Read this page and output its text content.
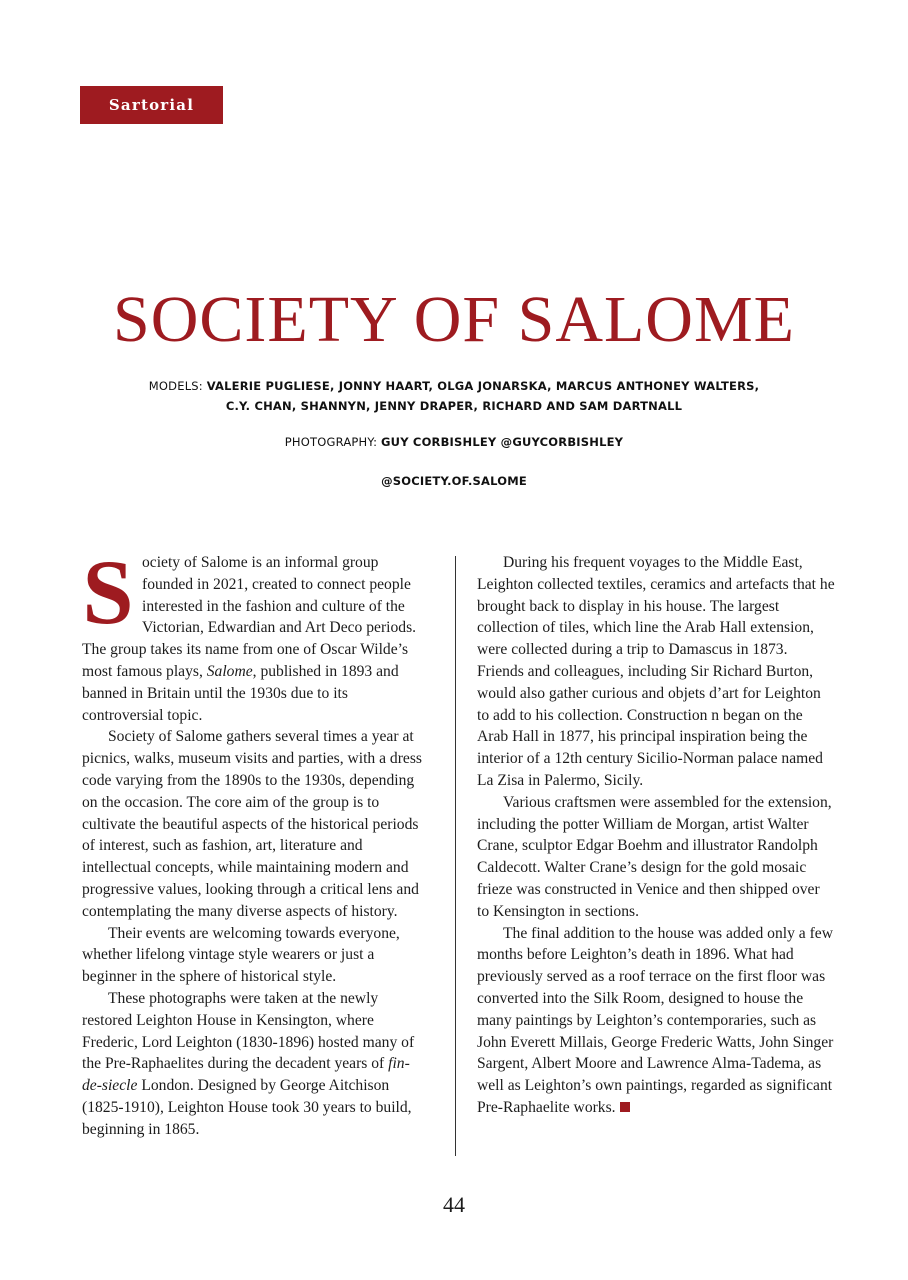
Sartorial
SOCIETY OF SALOME
MODELS: VALERIE PUGLIESE, JONNY HAART, OLGA JONARSKA, MARCUS ANTHONEY WALTERS,
C.Y. CHAN, SHANNYN, JENNY DRAPER, RICHARD AND SAM DARTNALL
PHOTOGRAPHY: GUY CORBISHLEY @GUYCORBISHLEY
@SOCIETY.OF.SALOME

Society of Salome is an informal group founded in 2021, created to connect people interested in the fashion and culture of the Victorian, Edwardian and Art Deco periods. The group takes its name from one of Oscar Wilde’s most famous plays, Salome, published in 1893 and banned in Britain until the 1930s due to its controversial topic.

Society of Salome gathers several times a year at picnics, walks, museum visits and parties, with a dress code varying from the 1890s to the 1930s, depending on the occasion. The core aim of the group is to cultivate the beautiful aspects of the historical periods of interest, such as fashion, art, literature and intellectual concepts, while maintaining modern and progressive values, looking through a critical lens and contemplating the many diverse aspects of history.

Their events are welcoming towards everyone, whether lifelong vintage style wearers or just a beginner in the sphere of historical style.

These photographs were taken at the newly restored Leighton House in Kensington, where Frederic, Lord Leighton (1830-1896) hosted many of the Pre-Raphaelites during the decadent years of fin-de-siecle London. Designed by George Aitchison (1825-1910), Leighton House took 30 years to build, beginning in 1865.

During his frequent voyages to the Middle East, Leighton collected textiles, ceramics and artefacts that he brought back to display in his house. The largest collection of tiles, which line the Arab Hall extension, were collected during a trip to Damascus in 1873. Friends and colleagues, including Sir Richard Burton, would also gather curious and objets d’art for Leighton to add to his collection. Construction n began on the Arab Hall in 1877, his principal inspiration being the interior of a 12th century Sicilio-Norman palace named La Zisa in Palermo, Sicily.

Various craftsmen were assembled for the extension, including the potter William de Morgan, artist Walter Crane, sculptor Edgar Boehm and illustrator Randolph Caldecott. Walter Crane’s design for the gold mosaic frieze was constructed in Venice and then shipped over to Kensington in sections.

The final addition to the house was added only a few months before Leighton’s death in 1896. What had previously served as a roof terrace on the first floor was converted into the Silk Room, designed to house the many paintings by Leighton’s contemporaries, such as John Everett Millais, George Frederic Watts, John Singer Sargent, Albert Moore and Lawrence Alma-Tadema, as well as Leighton’s own paintings, regarded as significant Pre-Raphaelite works.

44
